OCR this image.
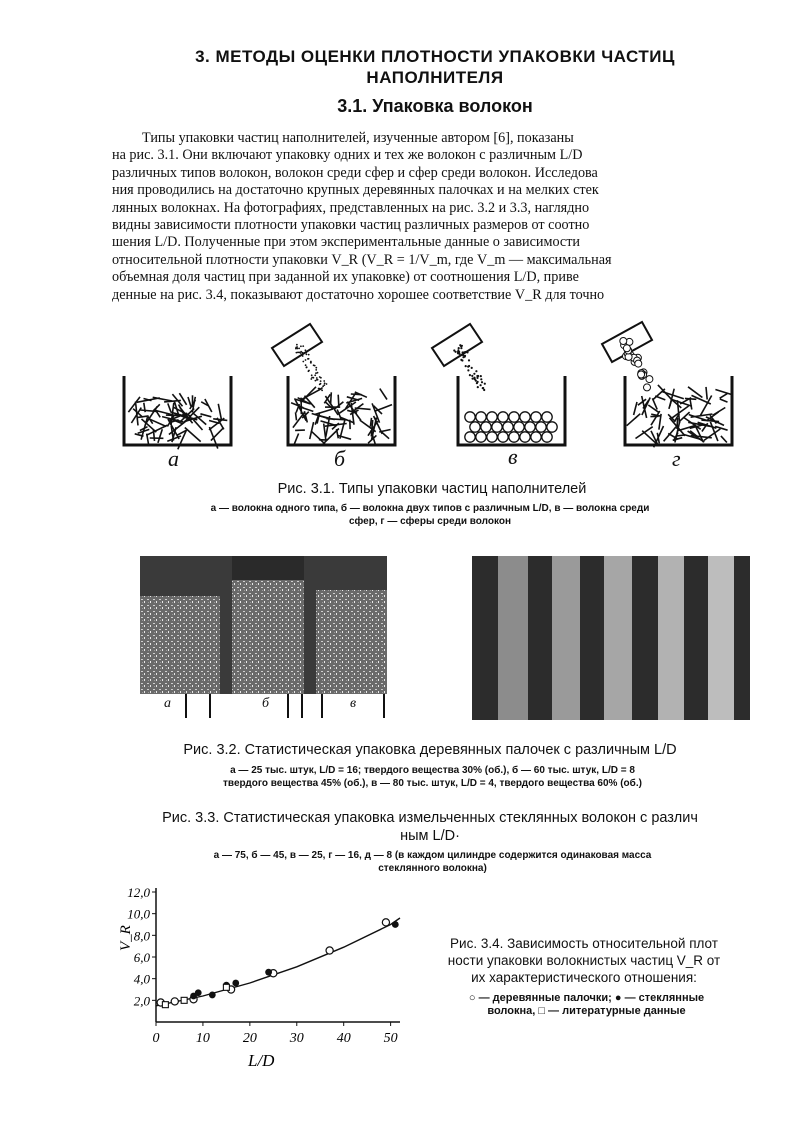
3. МЕТОДЫ ОЦЕНКИ ПЛОТНОСТИ УПАКОВКИ ЧАСТИЦ
НАПОЛНИТЕЛЯ
3.1. Упаковка волокон
Типы упаковки частиц наполнителей, изученные автором [6], показаны
на рис. 3.1. Они включают упаковку одних и тех же волокон с различным L/D
различных типов волокон, волокон среди сфер и сфер среди волокон. Исследова
ния проводились на достаточно крупных деревянных палочках и на мелких стек
лянных волокнах. На фотографиях, представленных на рис. 3.2 и 3.3, наглядно
видны зависимости плотности упаковки частиц различных размеров от соотно
шения L/D. Полученные при этом экспериментальные данные о зависимости
относительной плотности упаковки V_R (V_R = 1/V_m, где V_m — максимальная
объемная доля частиц при заданной их упаковке) от соотношения L/D, приве
денные на рис. 3.4, показывают достаточно хорошее соответствие V_R для точно
а	б	в	г
Рис. 3.1. Типы упаковки частиц наполнителей
а — волокна одного типа, б — волокна двух типов с различным L/D, в — волокна среди
сфер, г — сферы среди волокон
а	б	в
Рис. 3.2. Статистическая упаковка деревянных палочек с различным L/D
а — 25 тыс. штук, L/D = 16; твердого вещества 30% (об.), б — 60 тыс. штук, L/D = 8
твердого вещества 45% (об.), в — 80 тыс. штук, L/D = 4, твердого вещества 60% (об.)
Рис. 3.3. Статистическая упаковка измельченных стеклянных волокон с различ
ным L/D·
а — 75, б — 45, в — 25, г — 16, д — 8 (в каждом цилиндре содержится одинаковая масса
стеклянного волокна)
0	10 20 30 40 50
2,0
4,0
6,0
8,0
10,0
12,0
L/D
V_R	Рис. 3.4. Зависимость относительной плот
ности упаковки волокнистых частиц V_R от
их характеристического отношения:
○ — деревянные палочки; ● — стеклянные
волокна, □ — литературные данные
